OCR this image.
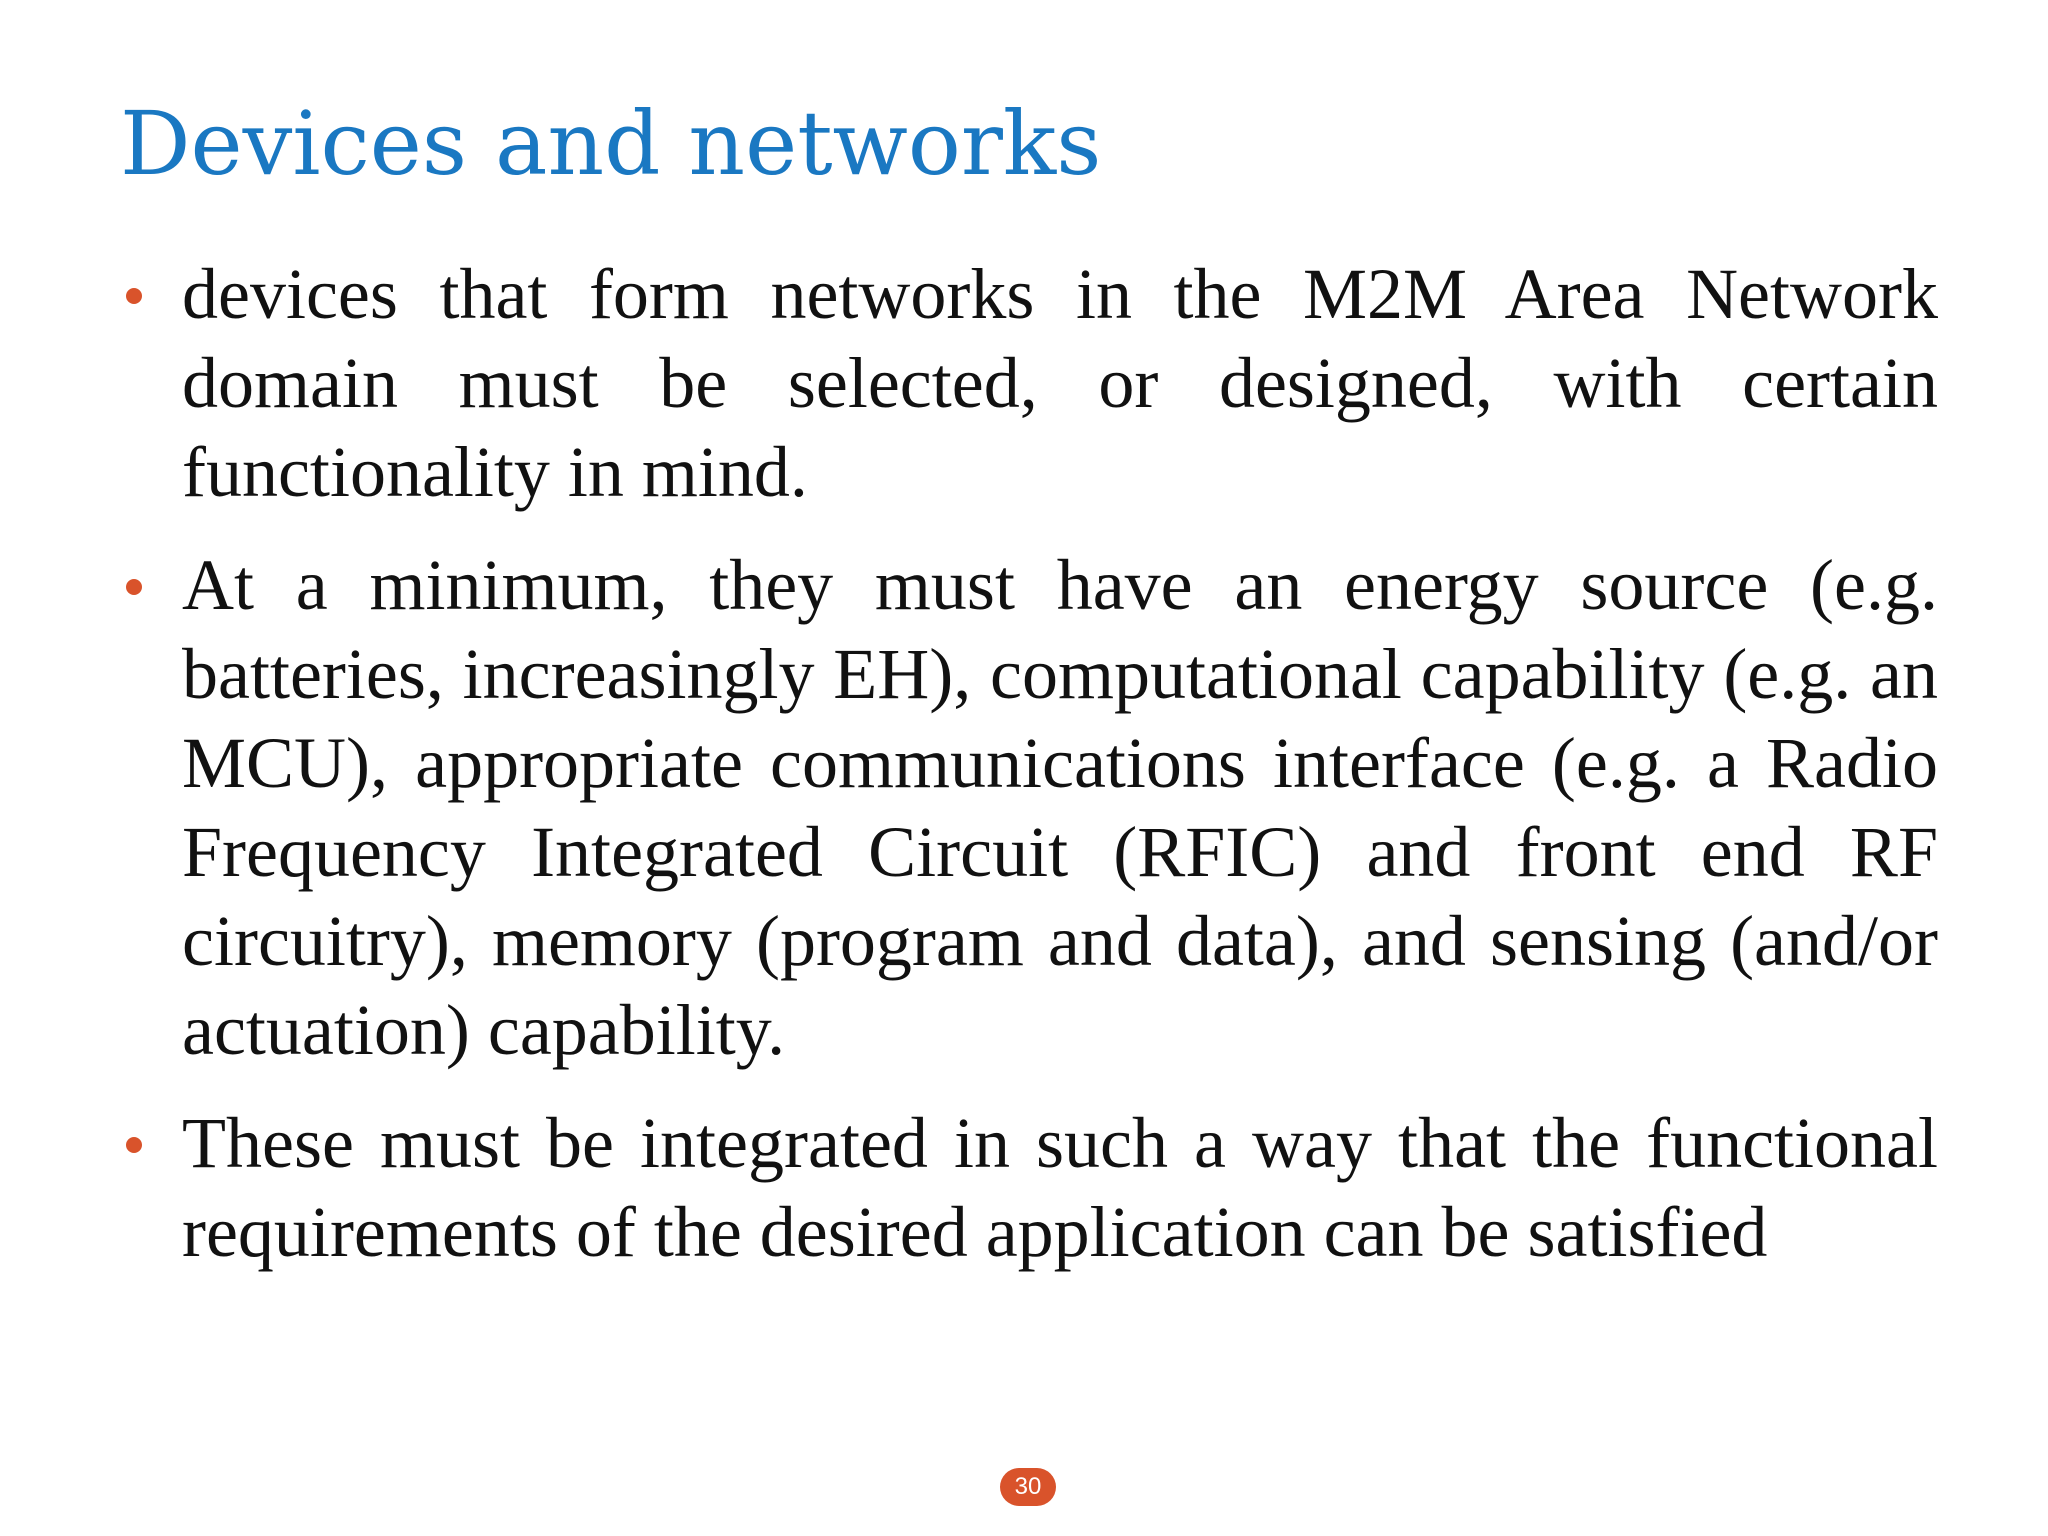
Devices and networks
devices that form networks in the M2M Area Network domain must be selected, or designed, with certain functionality in mind.
At a minimum, they must have an energy source (e.g. batteries, increasingly EH), computational capability (e.g. an MCU), appropriate communications interface (e.g. a Radio Frequency Integrated Circuit (RFIC) and front end RF circuitry), memory (program and data), and sensing (and/or actuation) capability.
These must be integrated in such a way that the functional requirements of the desired application can be satisfied
30
